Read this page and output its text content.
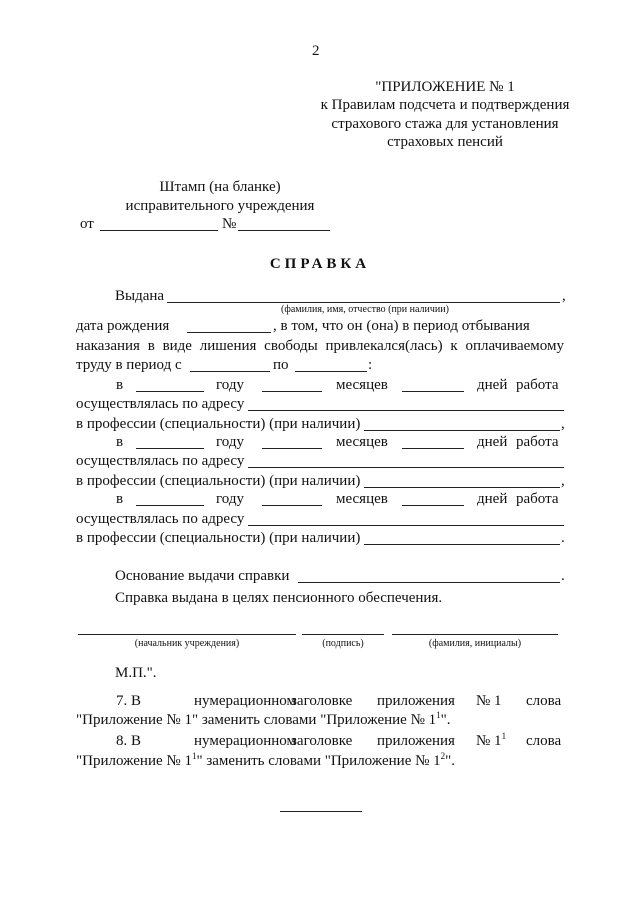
2
"ПРИЛОЖЕНИЕ № 1
к Правилам подсчета и подтверждения
страхового стажа для установления
страховых пенсий
Штамп (на бланке)
исправительного учреждения
от	№
СПРАВКА
Выдана	,
(фамилия, имя, отчество (при наличии)
дата рождения	, в том, что он (она) в период отбывания
наказания в виде лишения свободы привлекался(лась) к оплачиваемому
труду в период с	по	:
в	году	месяцев	дней работа
осуществлялась по адресу
в профессии (специальности) (при наличии)	,
в	году	месяцев	дней работа
осуществлялась по адресу
в профессии (специальности) (при наличии)	,
в	году	месяцев	дней работа
осуществлялась по адресу
в профессии (специальности) (при наличии)	.
Основание выдачи справки	.
Справка выдана в целях пенсионного обеспечения.
(начальник учреждения)	(подпись)	(фамилия, инициалы)
М.П.".
7. В	нумерационном
заголовке приложения № 1 слова
"Приложение № 1" заменить словами "Приложение № $1^1$".
8. В	нумерационном
заголовке приложения № $1^1$ слова
"Приложение № $1^1$" заменить словами "Приложение № $1^2$".
